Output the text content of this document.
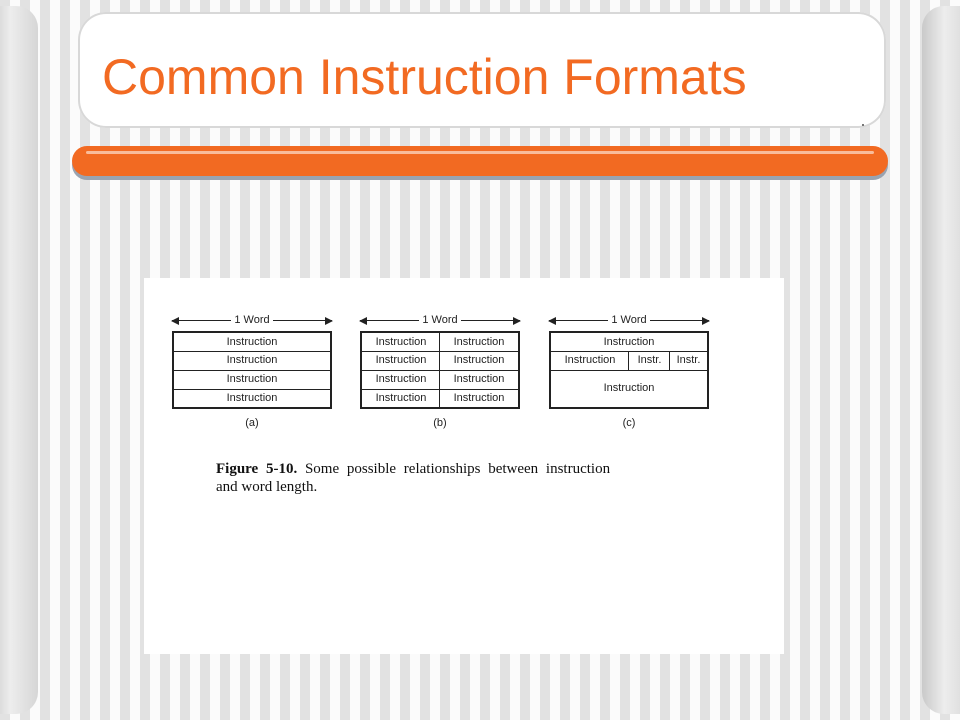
Common Instruction Formats
1 Word
Instruction
Instruction
Instruction
Instruction
(a)
1 Word
Instruction	Instruction
Instruction	Instruction
Instruction	Instruction
Instruction	Instruction
(b)
1 Word
Instruction
Instruction	Instr.	Instr.
Instruction
(c)
Figure 5-10. Some possible relationships between instruction
and word length.
